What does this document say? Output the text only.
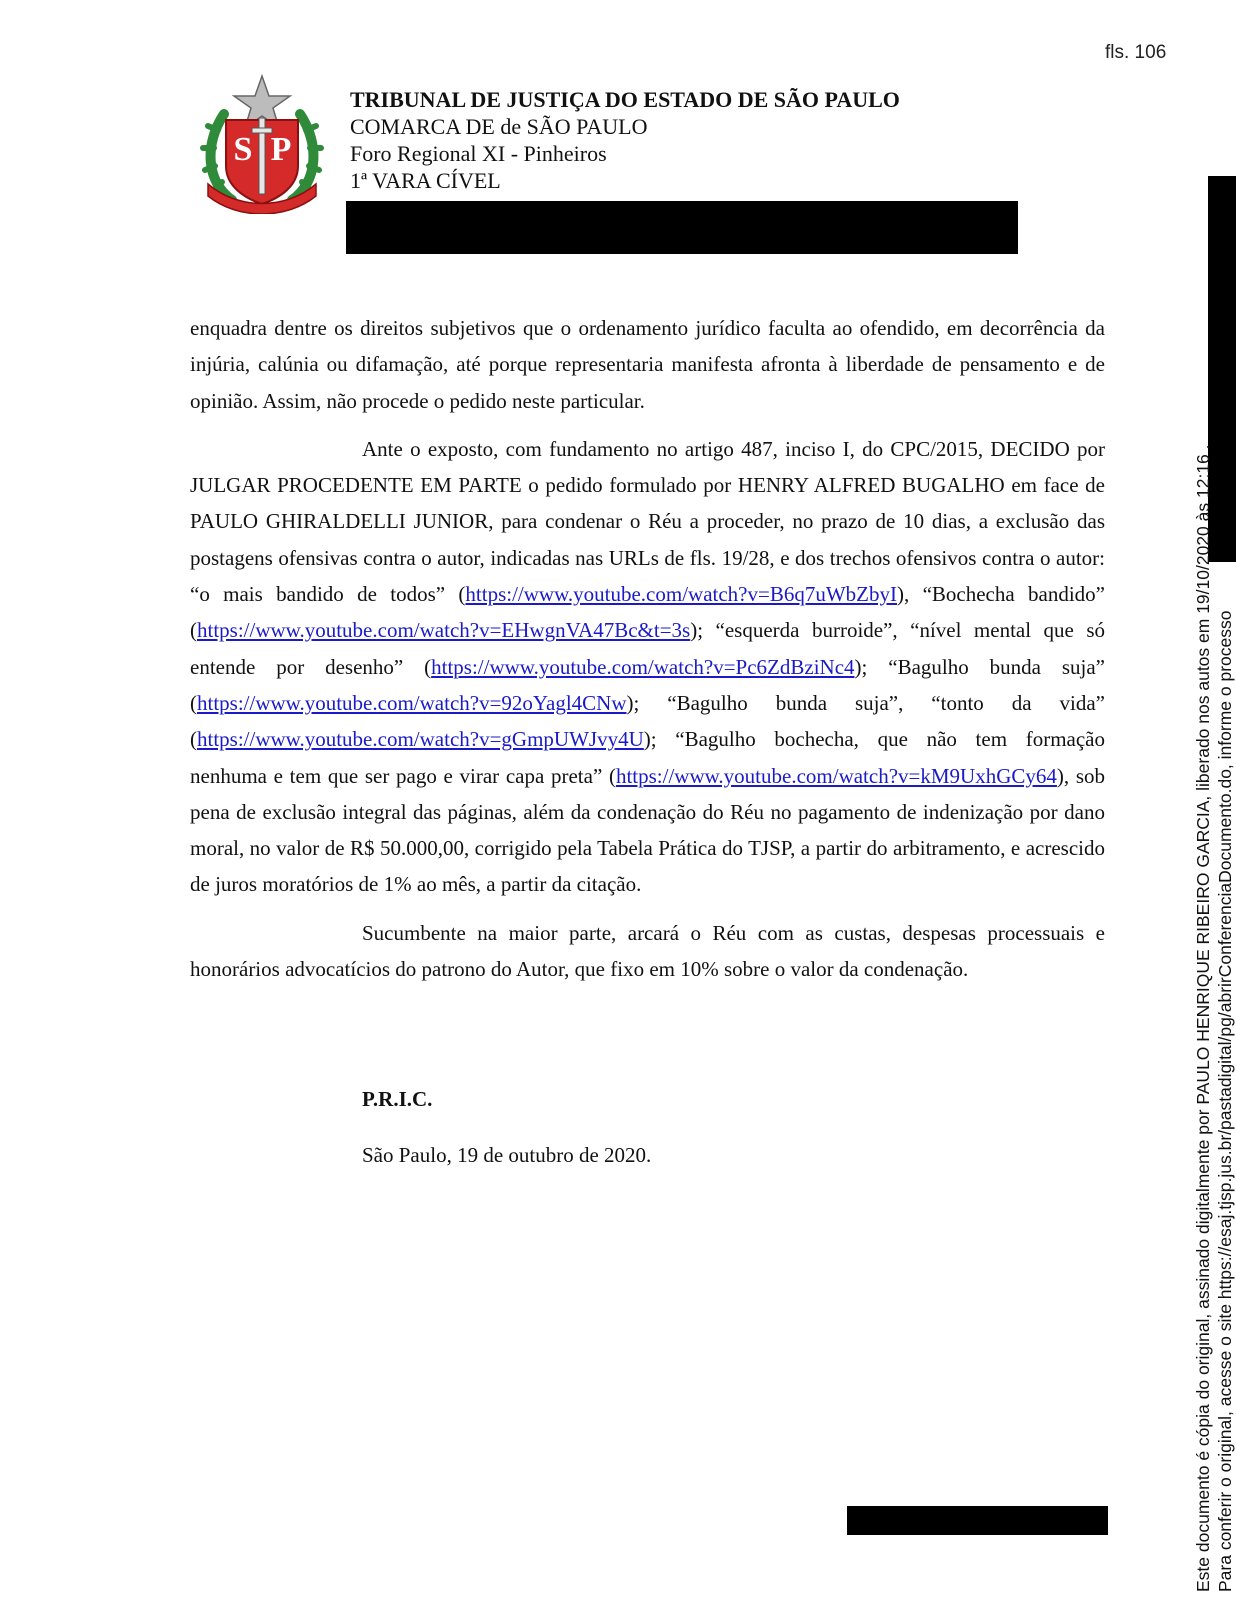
fls. 106
S P
TRIBUNAL DE JUSTIÇA DO ESTADO DE SÃO PAULO
COMARCA DE de SÃO PAULO
Foro Regional XI - Pinheiros
1ª VARA CÍVEL

enquadra dentre os direitos subjetivos que o ordenamento jurídico faculta ao ofendido, em decorrência da injúria, calúnia ou difamação, até porque representaria manifesta afronta à liberdade de pensamento e de opinião. Assim, não procede o pedido neste particular.

Ante o exposto, com fundamento no artigo 487, inciso I, do CPC/2015, DECIDO por JULGAR PROCEDENTE EM PARTE o pedido formulado por HENRY ALFRED BUGALHO em face de PAULO GHIRALDELLI JUNIOR, para condenar o Réu a proceder, no prazo de 10 dias, a exclusão das postagens ofensivas contra o autor, indicadas nas URLs de fls. 19/28, e dos trechos ofensivos contra o autor: “o mais bandido de todos” (https://www.youtube.com/watch?v=B6q7uWbZbyI), “Bochecha bandido” (https://www.youtube.com/watch?v=EHwgnVA47Bc&t=3s); “esquerda burroide”, “nível mental que só entende por desenho” (https://www.youtube.com/watch?v=Pc6ZdBziNc4); “Bagulho bunda suja” (https://www.youtube.com/watch?v=92oYagl4CNw); “Bagulho bunda suja”, “tonto da vida” (https://www.youtube.com/watch?v=gGmpUWJvy4U); “Bagulho bochecha, que não tem formação nenhuma e tem que ser pago e virar capa preta” (https://www.youtube.com/watch?v=kM9UxhGCy64), sob pena de exclusão integral das páginas, além da condenação do Réu no pagamento de indenização por dano moral, no valor de R$ 50.000,00, corrigido pela Tabela Prática do TJSP, a partir do arbitramento, e acrescido de juros moratórios de 1% ao mês, a partir da citação.

Sucumbente na maior parte, arcará o Réu com as custas, despesas processuais e honorários advocatícios do patrono do Autor, que fixo em 10% sobre o valor da condenação.

P.R.I.C.
São Paulo, 19 de outubro de 2020.	Este documento é cópia do original, assinado digitalmente por PAULO HENRIQUE RIBEIRO GARCIA, liberado nos autos em 19/10/2020 às 12:16 . Para conferir o original, acesse o site https://esaj.tjsp.jus.br/pastadigital/pg/abrirConferenciaDocumento.do, informe o processo
